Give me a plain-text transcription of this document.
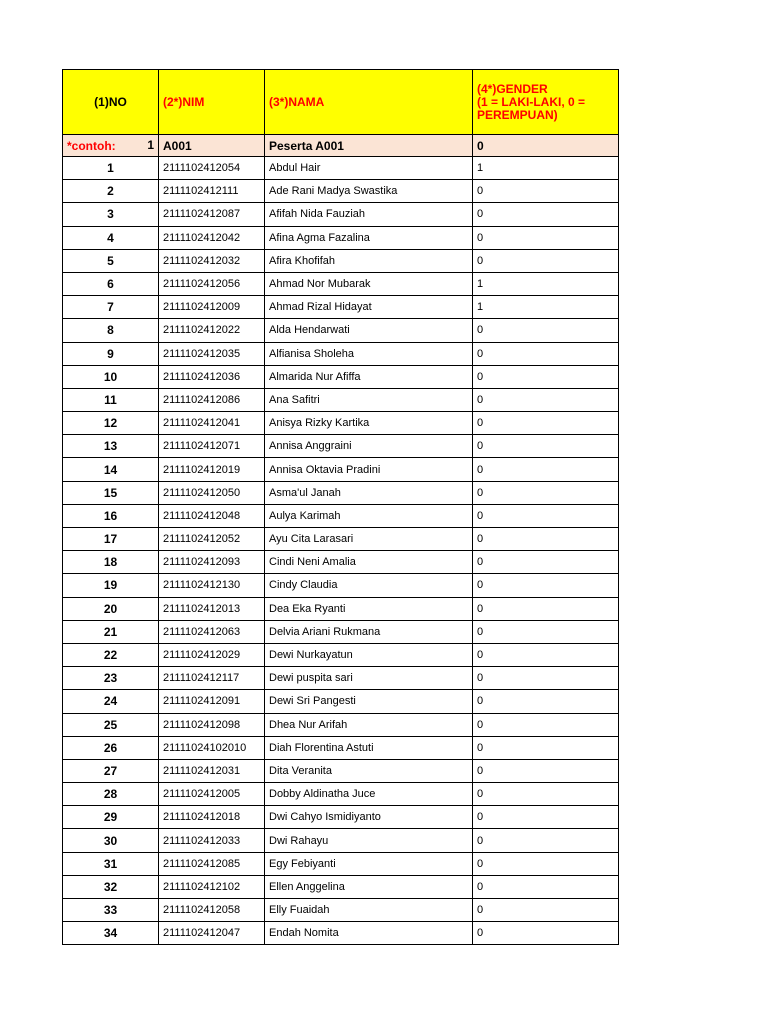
(1)NO	(2*)NIM	(3*)NAMA	(4*)GENDER
(1 = LAKI-LAKI, 0 =
PEREMPUAN)
*contoh: 1	A001	Peserta A001	0
1	2111102412054	Abdul Hair	1
2	2111102412111	Ade Rani Madya Swastika	0
3	2111102412087	Afifah Nida Fauziah	0
4	2111102412042	Afina Agma Fazalina	0
5	2111102412032	Afira Khofifah	0
6	2111102412056	Ahmad Nor Mubarak	1
7	2111102412009	Ahmad Rizal Hidayat	1
8	2111102412022	Alda Hendarwati	0
9	2111102412035	Alfianisa Sholeha	0
10	2111102412036	Almarida Nur Afiffa	0
11	2111102412086	Ana Safitri	0
12	2111102412041	Anisya Rizky Kartika	0
13	2111102412071	Annisa Anggraini	0
14	2111102412019	Annisa Oktavia Pradini	0
15	2111102412050	Asma'ul Janah	0
16	2111102412048	Aulya Karimah	0
17	2111102412052	Ayu Cita Larasari	0
18	2111102412093	Cindi Neni Amalia	0
19	2111102412130	Cindy Claudia	0
20	2111102412013	Dea Eka Ryanti	0
21	2111102412063	Delvia Ariani Rukmana	0
22	2111102412029	Dewi Nurkayatun	0
23	2111102412117	Dewi puspita sari	0
24	2111102412091	Dewi Sri Pangesti	0
25	2111102412098	Dhea Nur Arifah	0
26	21111024102010	Diah Florentina Astuti	0
27	2111102412031	Dita Veranita	0
28	2111102412005	Dobby Aldinatha Juce	0
29	2111102412018	Dwi Cahyo Ismidiyanto	0
30	2111102412033	Dwi Rahayu	0
31	2111102412085	Egy Febiyanti	0
32	2111102412102	Ellen Anggelina	0
33	2111102412058	Elly Fuaidah	0
34	2111102412047	Endah Nomita	0
